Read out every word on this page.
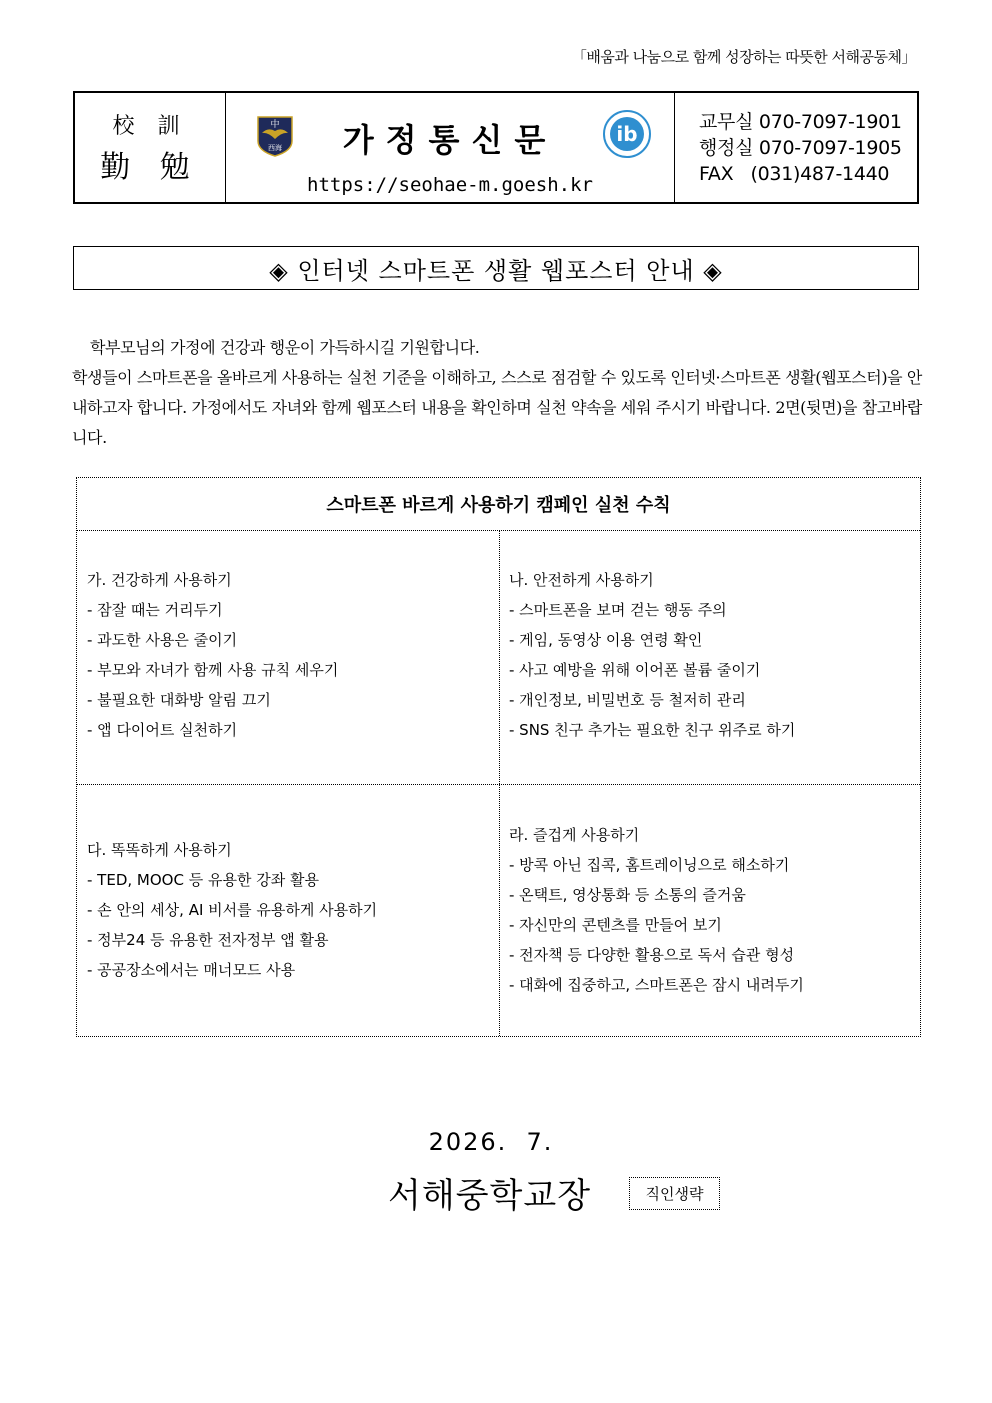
「배움과 나눔으로 함께 성장하는 따뜻한 서해공동체」
校 訓
勤 勉
中
西海	가정통신문	ib
https://seohae-m.goesh.kr
교무실 070-7097-1901
행정실 070-7097-1905
FAX   (031)487-1440
◈ 인터넷 스마트폰 생활 웹포스터 안내 ◈

학부모님의 가정에 건강과 행운이 가득하시길 기원합니다.

학생들이 스마트폰을 올바르게 사용하는 실천 기준을 이해하고, 스스로 점검할 수 있도록 인터넷·스마트폰 생활(웹포스터)을 안내하고자 합니다. 가정에서도 자녀와 함께 웹포스터 내용을 확인하며 실천 약속을 세워 주시기 바랍니다. 2면(뒷면)을 참고바랍니다.

스마트폰 바르게 사용하기 캠페인 실천 수칙
가. 건강하게 사용하기
- 잠잘 때는 거리두기
- 과도한 사용은 줄이기
- 부모와 자녀가 함께 사용 규칙 세우기
- 불필요한 대화방 알림 끄기
- 앱 다이어트 실천하기
나. 안전하게 사용하기
- 스마트폰을 보며 걷는 행동 주의
- 게임, 동영상 이용 연령 확인
- 사고 예방을 위해 이어폰 볼륨 줄이기
- 개인정보, 비밀번호 등 철저히 관리
- SNS 친구 추가는 필요한 친구 위주로 하기
다. 똑똑하게 사용하기
- TED, MOOC 등 유용한 강좌 활용
- 손 안의 세상, AI 비서를 유용하게 사용하기
- 정부24 등 유용한 전자정부 앱 활용
- 공공장소에서는 매너모드 사용
라. 즐겁게 사용하기
- 방콕 아닌 집콕, 홈트레이닝으로 해소하기
- 온택트, 영상통화 등 소통의 즐거움
- 자신만의 콘텐츠를 만들어 보기
- 전자책 등 다양한 활용으로 독서 습관 형성
- 대화에 집중하고, 스마트폰은 잠시 내려두기
2026.  7.
서해중학교장	직인생략
